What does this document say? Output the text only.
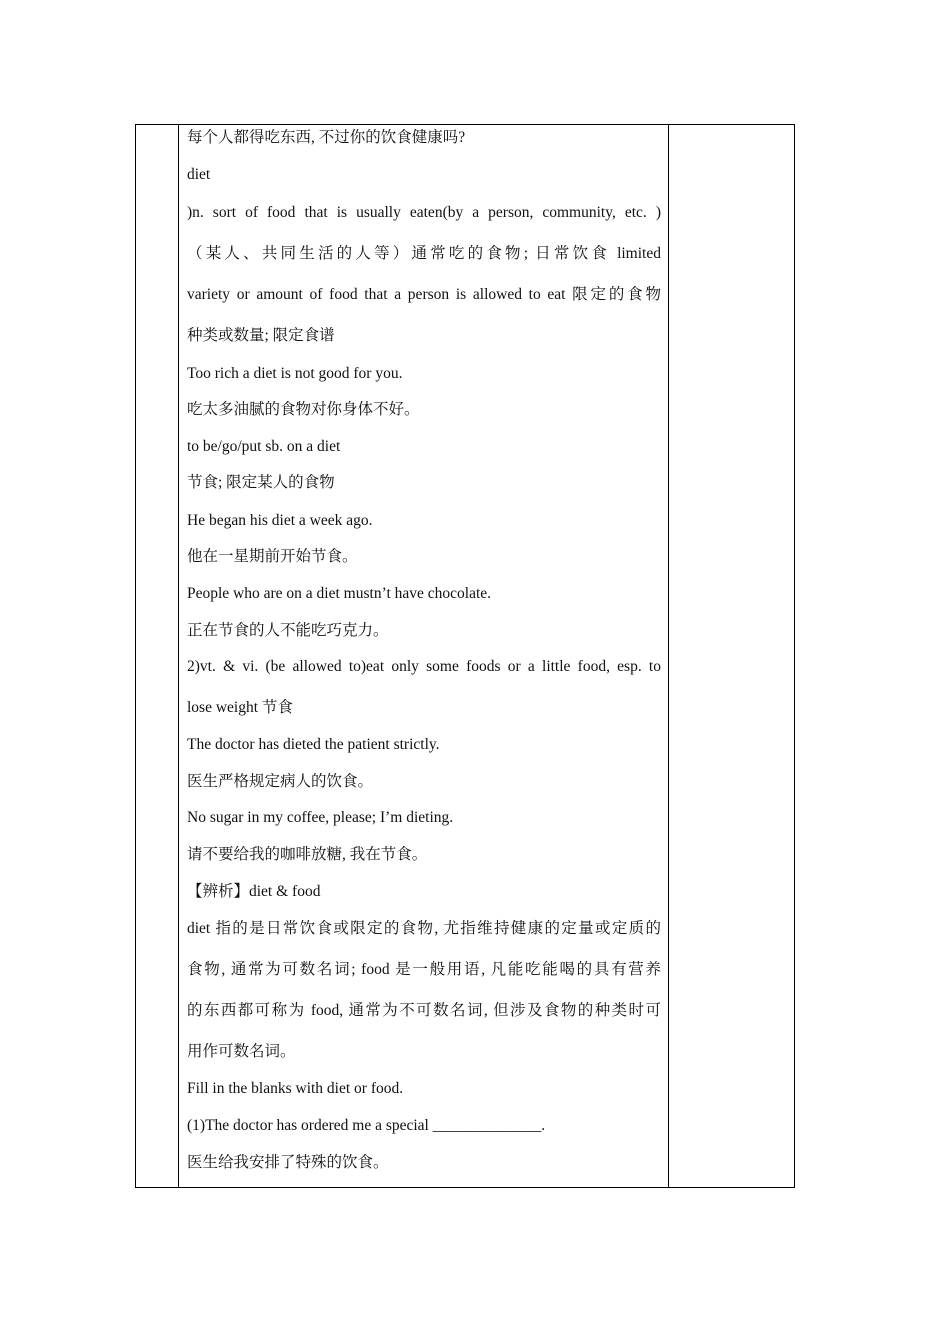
每个人都得吃东西, 不过你的饮食健康吗?
diet
)n. sort of food that is usually eaten(by a person, community, etc. )
（某人、共同生活的人等）通常吃的食物; 日常饮食 limited
variety or amount of food that a person is allowed to eat 限定的食物
种类或数量; 限定食谱
Too rich a diet is not good for you.
吃太多油腻的食物对你身体不好。
to be/go/put sb. on a diet
节食; 限定某人的食物
He began his diet a week ago.
他在一星期前开始节食。
People who are on a diet mustn’t have chocolate.
正在节食的人不能吃巧克力。
2)vt. & vi. (be allowed to)eat only some foods or a little food, esp. to
lose weight 节食
The doctor has dieted the patient strictly.
医生严格规定病人的饮食。
No sugar in my coffee, please; I’m dieting.
请不要给我的咖啡放糖, 我在节食。
【辨析】diet & food
diet 指的是日常饮食或限定的食物, 尤指维持健康的定量或定质的
食物, 通常为可数名词; food 是一般用语, 凡能吃能喝的具有营养
的东西都可称为 food, 通常为不可数名词, 但涉及食物的种类时可
用作可数名词。
Fill in the blanks with diet or food.
(1)The doctor has ordered me a special ______________.
医生给我安排了特殊的饮食。
